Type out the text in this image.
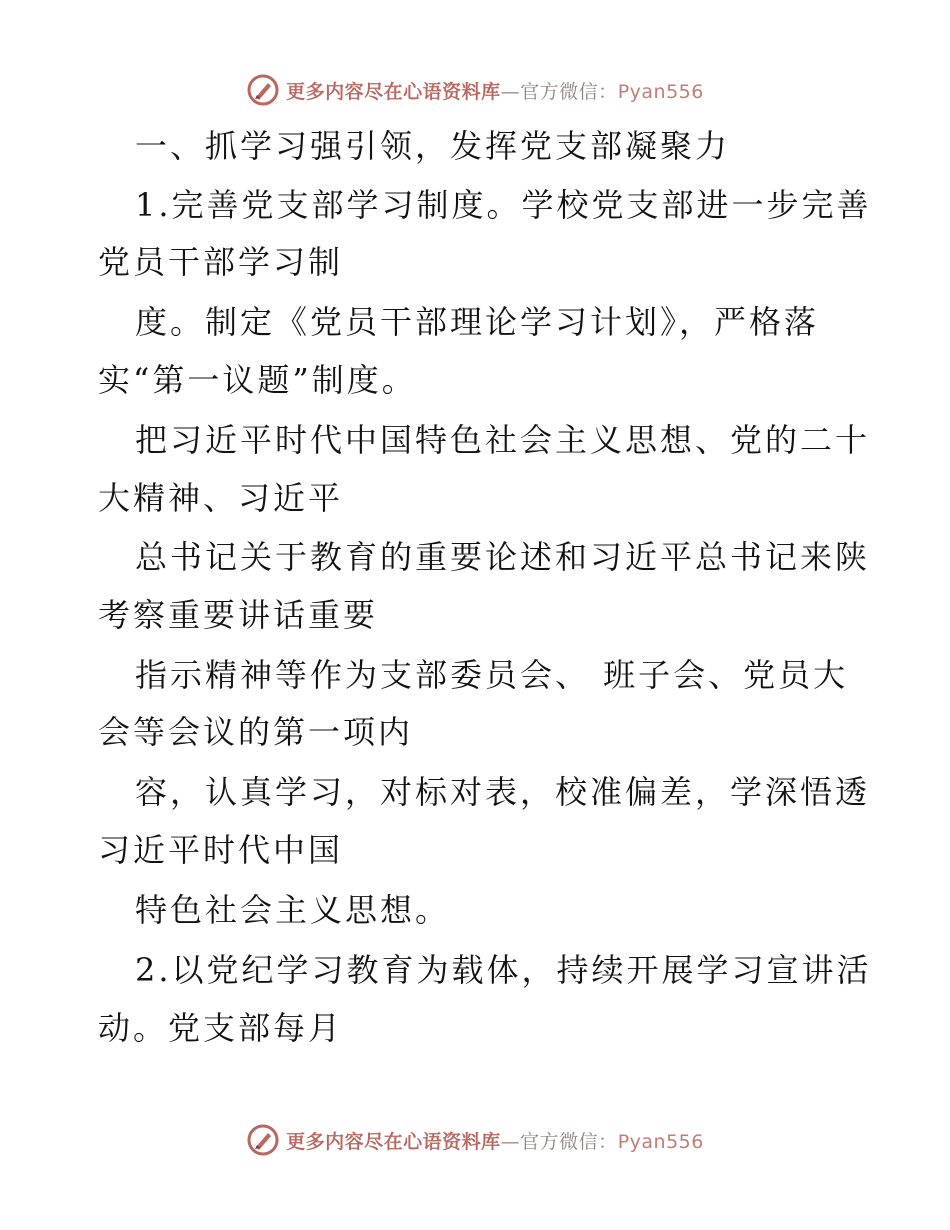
更多内容尽在心语资料库—官方微信：Pyan556
一、抓学习强引领，发挥党支部凝聚力
1.完善党支部学习制度。学校党支部进一步完善
党员干部学习制
度。制定《党员干部理论学习计划》，严格落
实“第一议题”制度。
把习近平时代中国特色社会主义思想、党的二十
大精神、习近平
总书记关于教育的重要论述和习近平总书记来陕
考察重要讲话重要
指示精神等作为支部委员会、 班子会、党员大
会等会议的第一项内
容，认真学习，对标对表，校准偏差，学深悟透
习近平时代中国
特色社会主义思想。
2.以党纪学习教育为载体，持续开展学习宣讲活
动。党支部每月
更多内容尽在心语资料库—官方微信：Pyan556
